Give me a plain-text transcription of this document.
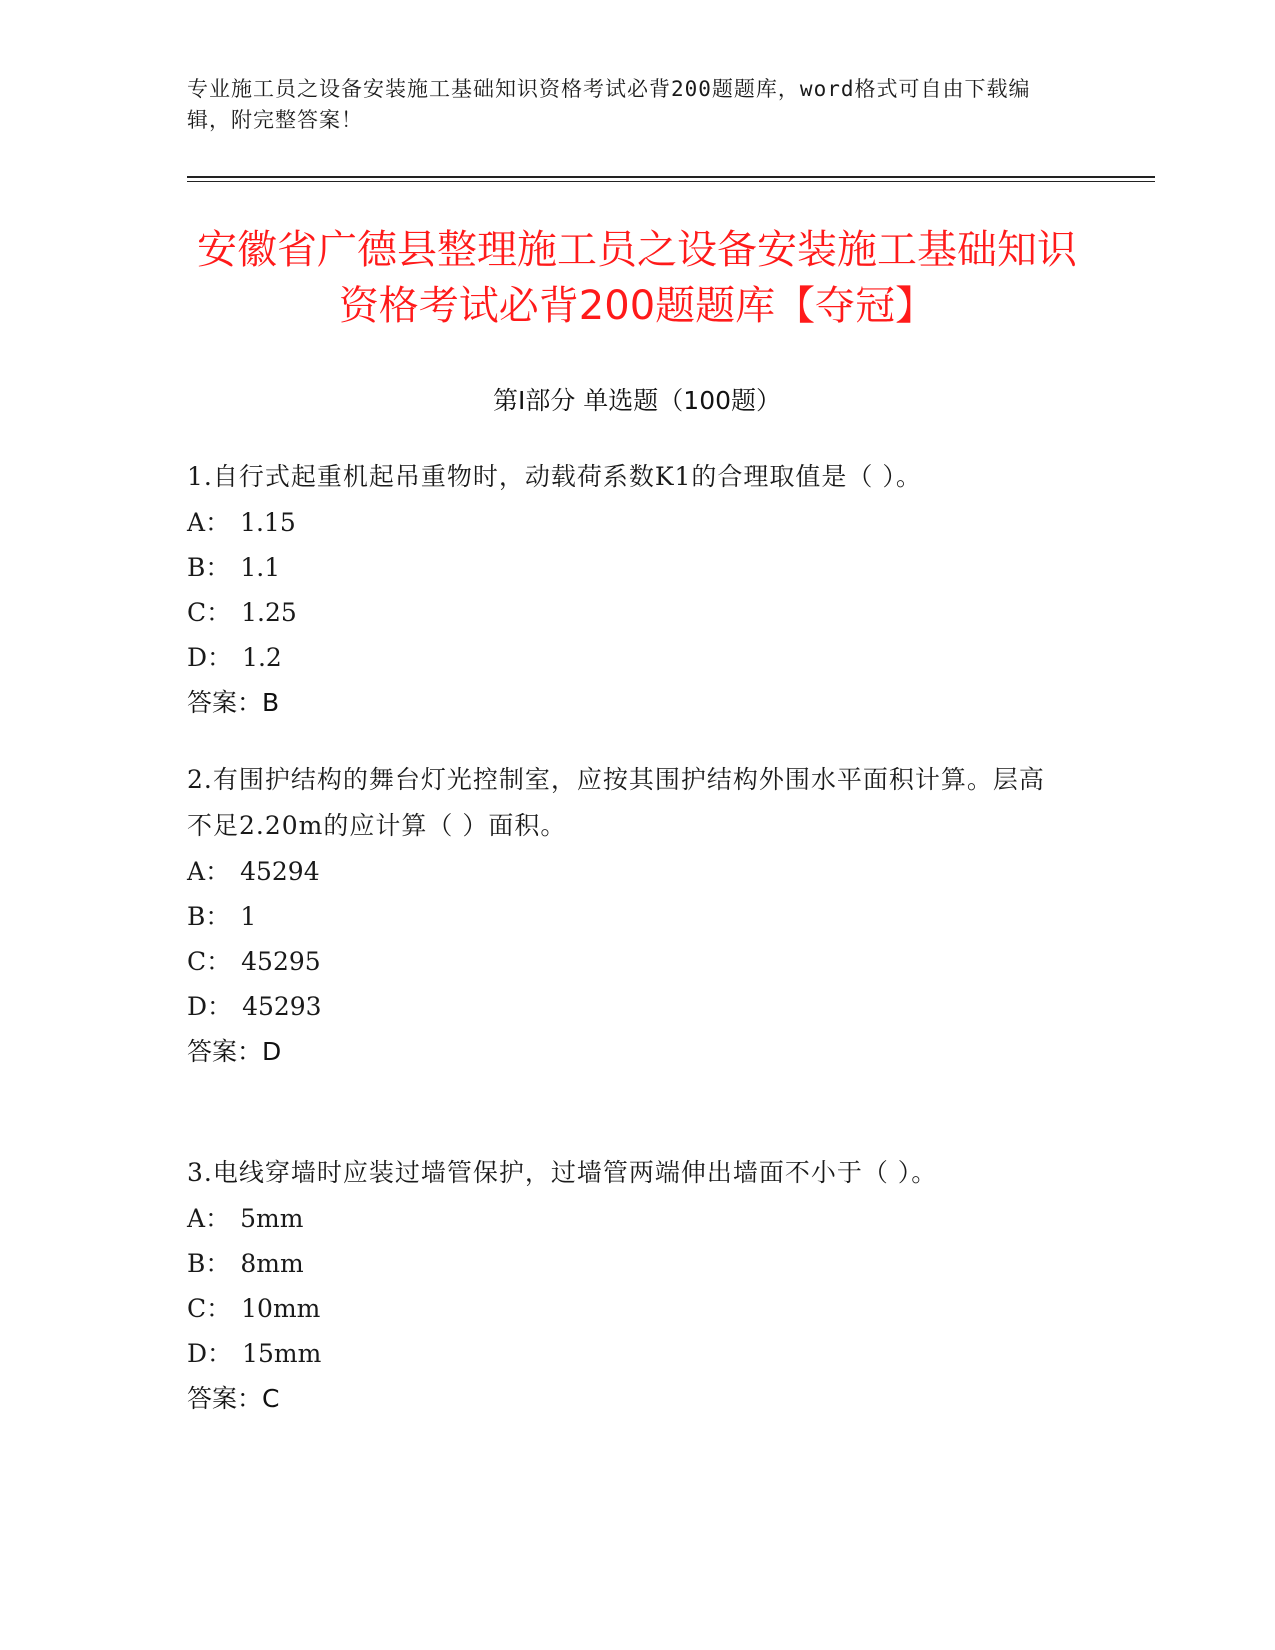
专业施工员之设备安装施工基础知识资格考试必背200题题库，word格式可自由下载编辑，附完整答案！
安徽省广德县整理施工员之设备安装施工基础知识资格考试必背200题题库【夺冠】
第I部分 单选题（100题）
1.自行式起重机起吊重物时，动载荷系数K1的合理取值是（ ）。
A： 1.15
B： 1.1
C： 1.25
D： 1.2
答案：B
2.有围护结构的舞台灯光控制室，应按其围护结构外围水平面积计算。层高不足2.20m的应计算（ ）面积。
A： 45294
B： 1
C： 45295
D： 45293
答案：D
3.电线穿墙时应装过墙管保护，过墙管两端伸出墙面不小于（ ）。
A： 5mm
B： 8mm
C： 10mm
D： 15mm
答案：C
